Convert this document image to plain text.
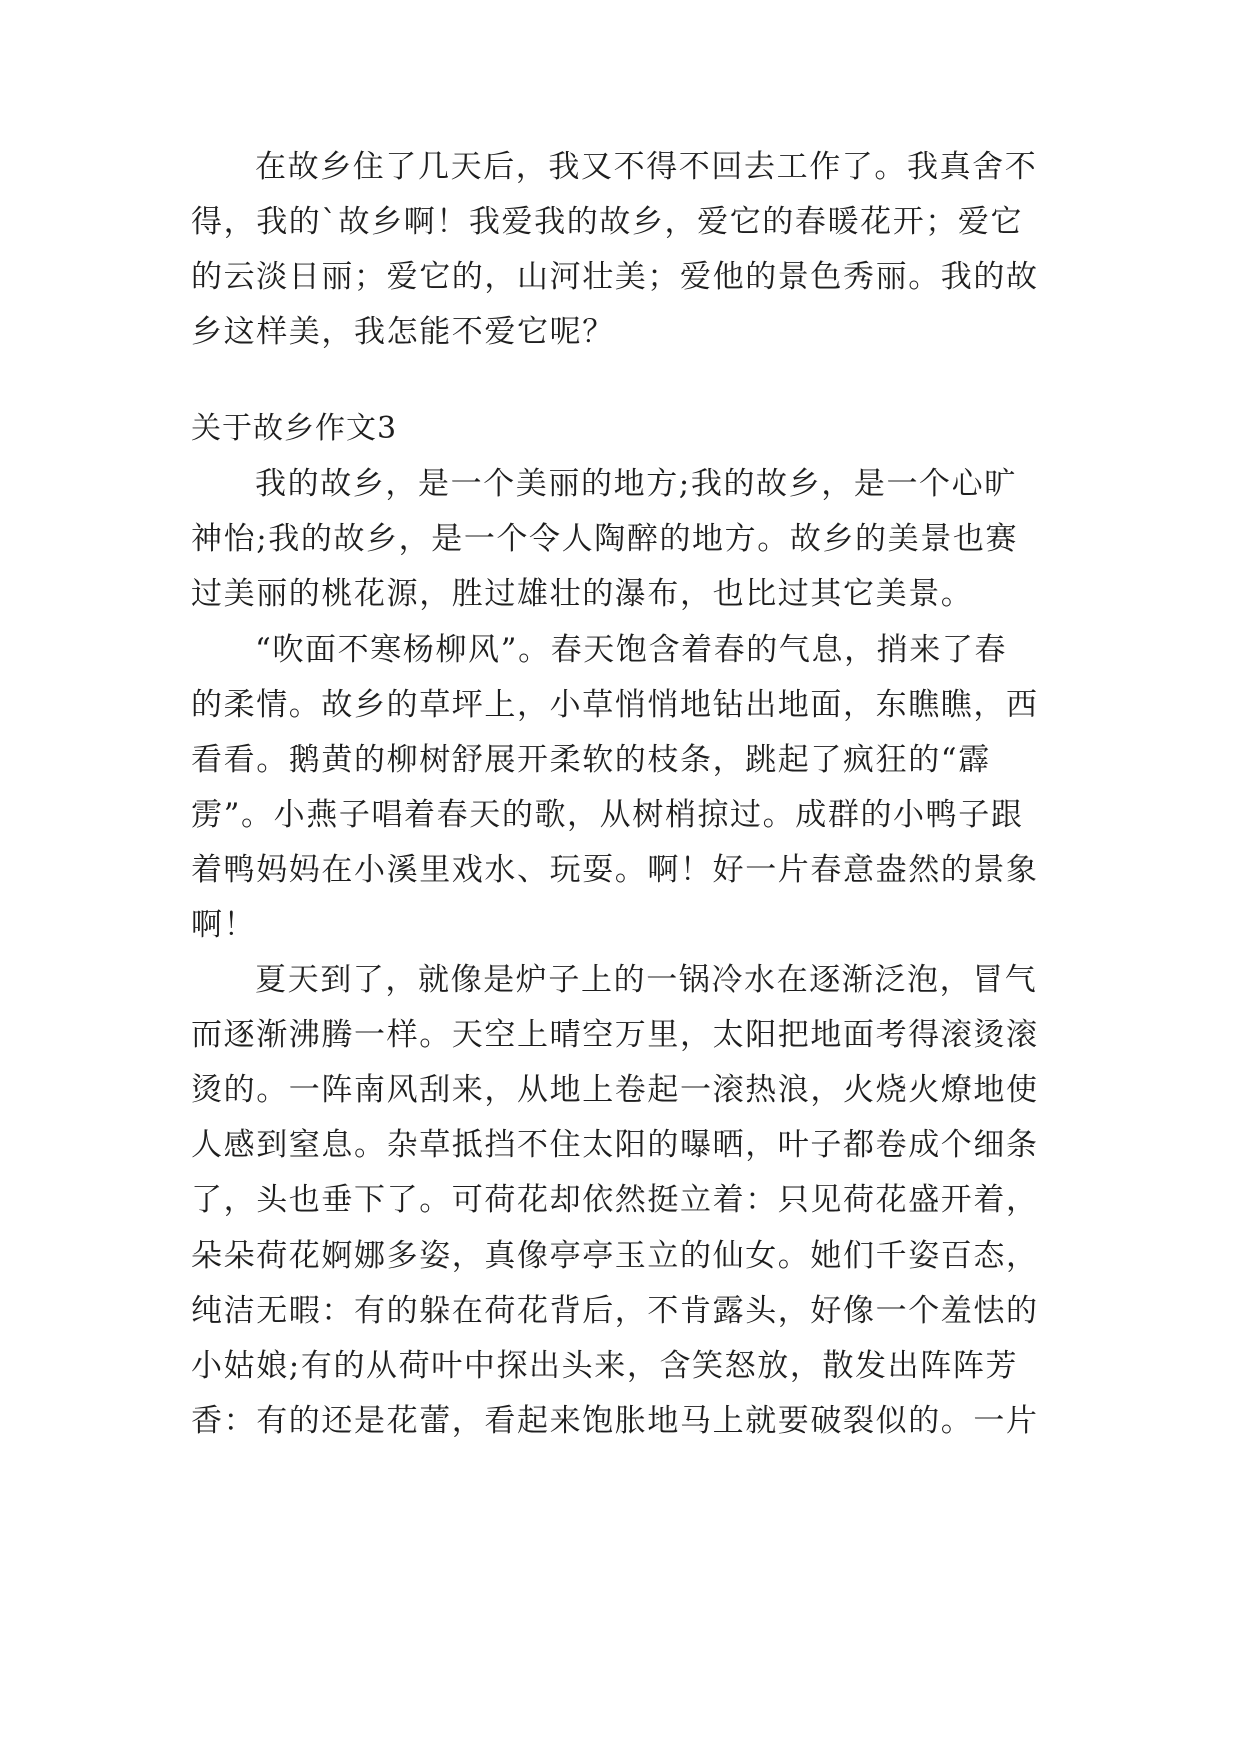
在故乡住了几天后，我又不得不回去工作了。我真舍不
得，我的`故乡啊！我爱我的故乡，爱它的春暖花开；爱它
的云淡日丽；爱它的，山河壮美；爱他的景色秀丽。我的故
乡这样美，我怎能不爱它呢？
关于故乡作文3
我的故乡，是一个美丽的地方;我的故乡，是一个心旷
神怡;我的故乡，是一个令人陶醉的地方。故乡的美景也赛
过美丽的桃花源，胜过雄壮的瀑布，也比过其它美景。
“吹面不寒杨柳风”。春天饱含着春的气息，捎来了春
的柔情。故乡的草坪上，小草悄悄地钻出地面，东瞧瞧，西
看看。鹅黄的柳树舒展开柔软的枝条，跳起了疯狂的“霹
雳”。小燕子唱着春天的歌，从树梢掠过。成群的小鸭子跟
着鸭妈妈在小溪里戏水、玩耍。啊！好一片春意盎然的景象
啊！
夏天到了，就像是炉子上的一锅冷水在逐渐泛泡，冒气
而逐渐沸腾一样。天空上晴空万里，太阳把地面考得滚烫滚
烫的。一阵南风刮来，从地上卷起一滚热浪，火烧火燎地使
人感到窒息。杂草抵挡不住太阳的曝晒，叶子都卷成个细条
了，头也垂下了。可荷花却依然挺立着：只见荷花盛开着，
朵朵荷花婀娜多姿，真像亭亭玉立的仙女。她们千姿百态，
纯洁无暇：有的躲在荷花背后，不肯露头，好像一个羞怯的
小姑娘;有的从荷叶中探出头来，含笑怒放，散发出阵阵芳
香：有的还是花蕾，看起来饱胀地马上就要破裂似的。一片
